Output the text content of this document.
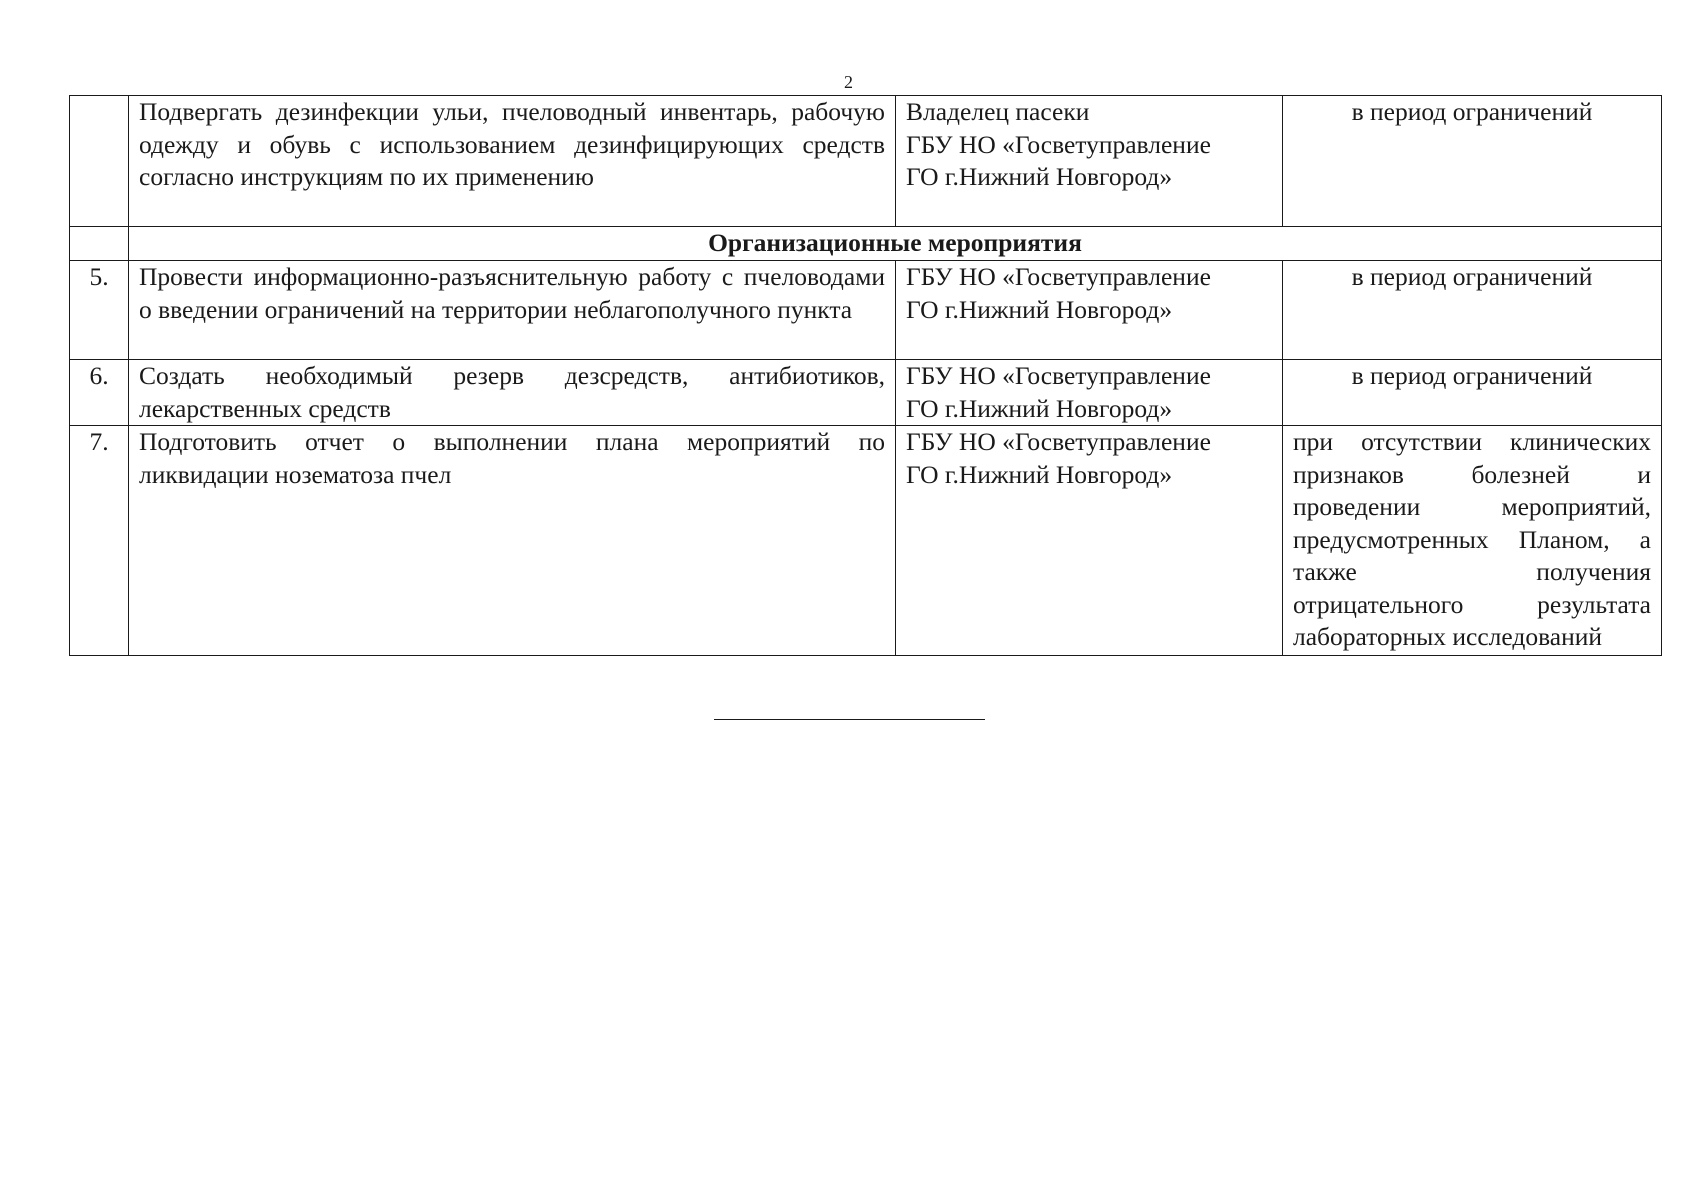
2
	Подвергать дезинфекции ульи, пчеловодный инвентарь, рабочую одежду и обувь с использованием дезинфицирующих средств согласно инструкциям по их применению	Владелец пасеки
ГБУ НО «Госветуправление
ГО г.Нижний Новгород»	в период ограничений
	Организационные мероприятия		
5.	Провести информационно-разъяснительную работу с пчеловодами о введении ограничений на территории неблагополучного пункта	ГБУ НО «Госветуправление
ГО г.Нижний Новгород»	в период ограничений
6.	Создать необходимый резерв дезсредств, антибиотиков, лекарственных средств	ГБУ НО «Госветуправление
ГО г.Нижний Новгород»	в период ограничений
7.	Подготовить отчет о выполнении плана мероприятий по ликвидации нозематоза пчел	ГБУ НО «Госветуправление
ГО г.Нижний Новгород»	при отсутствии клинических признаков болезней и проведении мероприятий, предусмотренных Планом, а также получения отрицательного результата лабораторных исследований
